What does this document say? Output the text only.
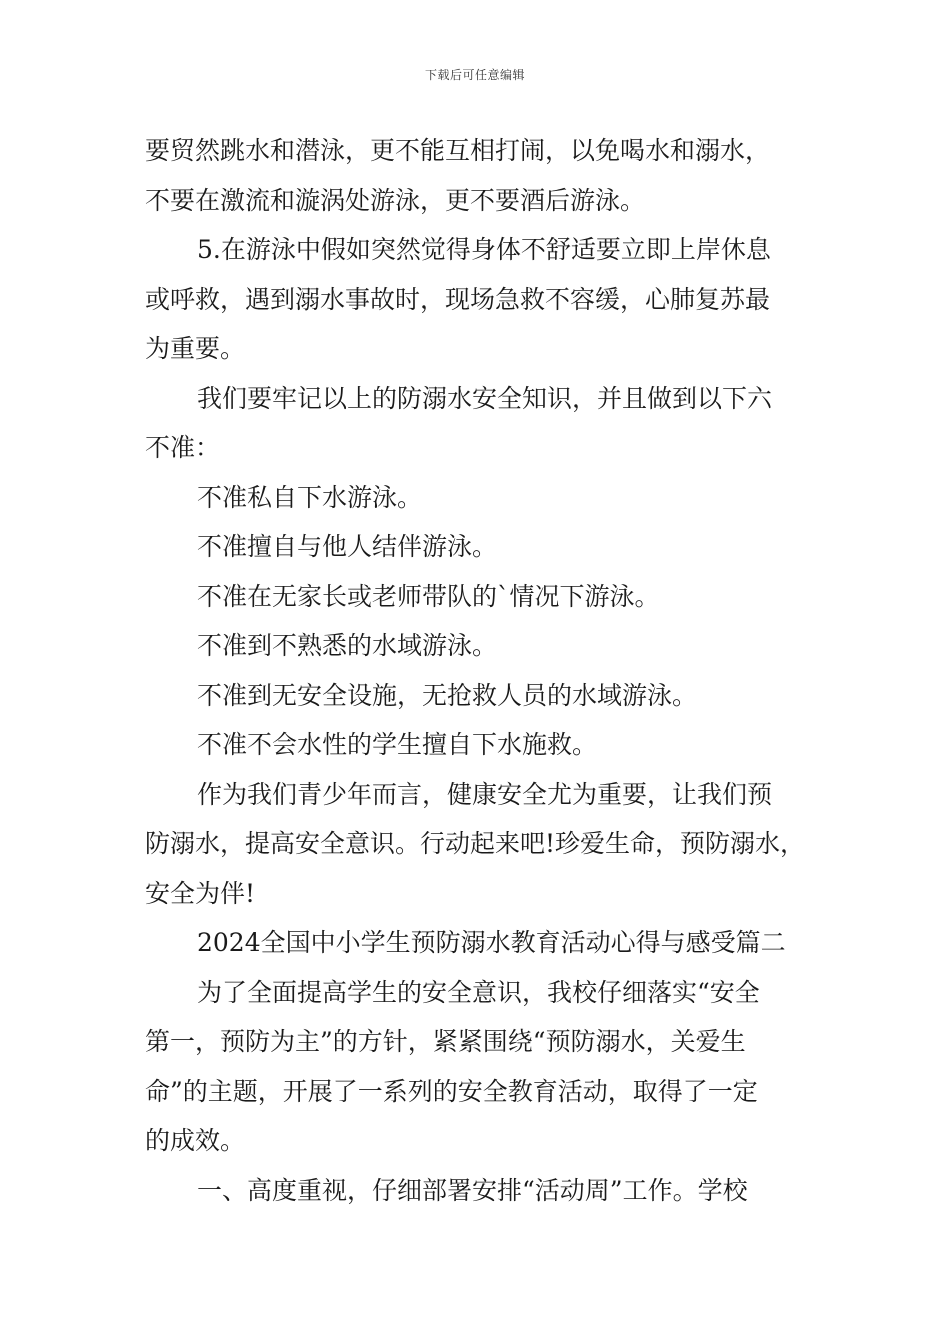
下载后可任意编辑
要贸然跳水和潜泳，更不能互相打闹，以免喝水和溺水，
不要在激流和漩涡处游泳，更不要酒后游泳。
5.在游泳中假如突然觉得身体不舒适要立即上岸休息
或呼救，遇到溺水事故时，现场急救不容缓，心肺复苏最
为重要。
我们要牢记以上的防溺水安全知识，并且做到以下六
不准：
不准私自下水游泳。
不准擅自与他人结伴游泳。
不准在无家长或老师带队的`情况下游泳。
不准到不熟悉的水域游泳。
不准到无安全设施，无抢救人员的水域游泳。
不准不会水性的学生擅自下水施救。
作为我们青少年而言，健康安全尤为重要，让我们预
防溺水，提高安全意识。行动起来吧!珍爱生命，预防溺水，
安全为伴!
2024全国中小学生预防溺水教育活动心得与感受篇二
为了全面提高学生的安全意识，我校仔细落实“安全
第一，预防为主”的方针，紧紧围绕“预防溺水，关爱生
命”的主题，开展了一系列的安全教育活动，取得了一定
的成效。
一、高度重视，仔细部署安排“活动周”工作。学校
